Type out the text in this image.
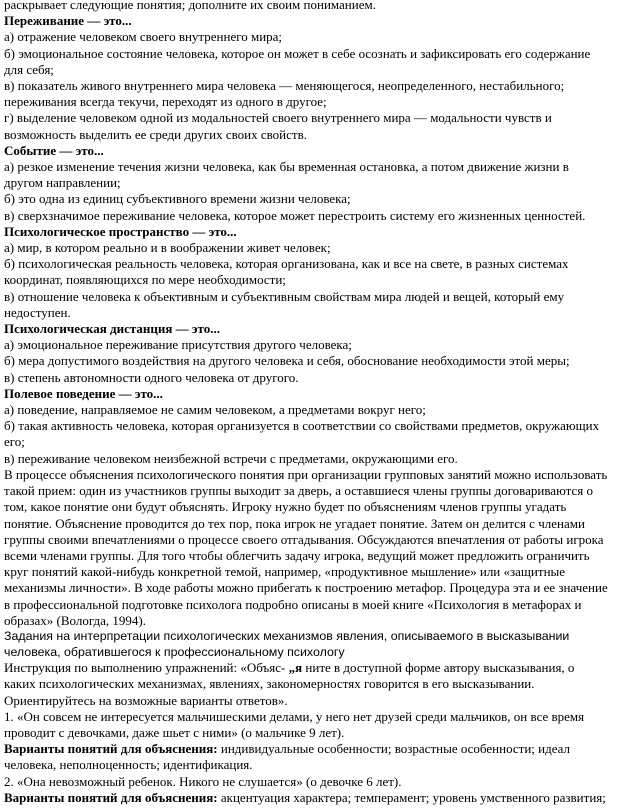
раскрывает следующие понятия; дополните их своим пониманием.

Переживание — это...

а) отражение человеком своего внутреннего мира;

б) эмоциональное состояние человека, которое он может в себе осознать и зафиксировать его содержание для себя;

в) показатель живого внутреннего мира человека — меняющегося, неопределенного, нестабильного; переживания всегда текучи, переходят из одного в другое;

г) выделение человеком одной из модальностей своего внутреннего мира — модальности чувств и возможность выделить ее среди других своих свойств.

Событие — это...

а) резкое изменение течения жизни человека, как бы временная остановка, а потом движение жизни в другом направлении;

б) это одна из единиц субъективного времени жизни человека;

в) сверхзначимое переживание человека, которое может перестроить систему его жизненных ценностей.

Психологическое пространство — это...

а) мир, в котором реально и в воображении живет человек;

б) психологическая реальность человека, которая организована, как и все на свете, в разных системах координат, появляющихся по мере необходимости;

в) отношение человека к объективным и субъективным свойствам мира людей и вещей, который ему недоступен.

Психологическая дистанция — это...

а) эмоциональное переживание присутствия другого человека;

б) мера допустимого воздействия на другого человека и себя, обоснование необходимости этой меры;

в) степень автономности одного человека от другого.

Полевое поведение — это...

а) поведение, направляемое не самим человеком, а предметами вокруг него;

б) такая активность человека, которая организуется в соответствии со свойствами предметов, окружающих его;

в) переживание человеком неизбежной встречи с предметами, окружающими его.

В процессе объяснения психологического понятия при организации групповых занятий можно использовать такой прием: один из участников группы выходит за дверь, а оставшиеся члены группы договариваются о том, какое понятие они будут объяснять. Игроку нужно будет по объяснениям членов группы угадать понятие. Объяснение проводится до тех пор, пока игрок не угадает понятие. Затем он делится с членами группы своими впечатлениями о процессе своего отгадывания. Обсуждаются впечатления от работы игрока всеми членами группы. Для того чтобы облегчить задачу игрока, ведущий может предложить ограничить круг понятий какой-нибудь конкретной темой, например, «продуктивное мышление» или «защитные механизмы личности». В ходе работы можно прибегать к построению метафор. Процедура эта и ее значение в профессиональной подготовке психолога подробно описаны в моей книге «Психология в метафорах и образах» (Вологда, 1994).

Задания на интерпретации психологических механизмов явления, описываемого в высказывании человека, обратившегося к профессиональному психологу

Инструкция по выполнению упражнений: «Объяс- „я ните в доступной форме автору высказывания, о каких психологических механизмах, явлениях, закономерностях говорится в его высказывании. Ориентируйтесь на возможные варианты ответов».

1. «Он совсем не интересуется мальчишескими делами, у него нет друзей среди мальчиков, он все время проводит с девочками, даже шьет с ними» (о мальчике 9 лет).

Варианты понятий для объяснения: индивидуальные особенности; возрастные особенности; идеал человека, неполноценность; идентификация.

2. «Она невозможный ребенок. Никого не слушается» (о девочке 6 лет).

Варианты понятий для объяснения: акцентуация характера; темперамент; уровень умственного развития;
